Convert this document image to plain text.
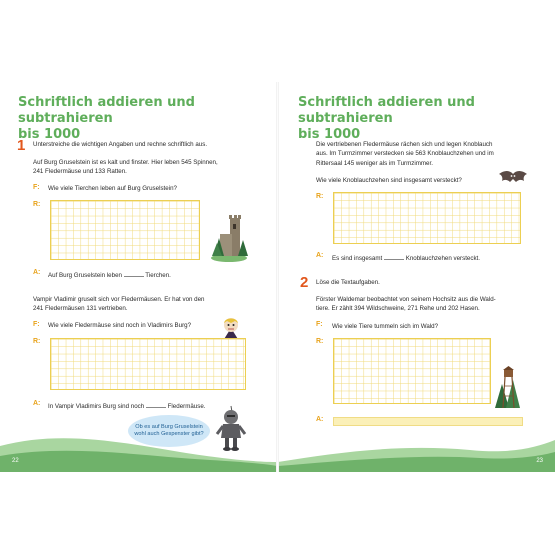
Schriftlich addieren und subtrahieren
bis 1000
1 Unterstreiche die wichtigen Angaben und rechne schriftlich aus.
Auf Burg Gruselstein ist es kalt und finster. Hier leben 545 Spinnen,
241 Fledermäuse und 133 Ratten.
F: Wie viele Tierchen leben auf Burg Gruselstein?
R:
A: Auf Burg Gruselstein leben	Tierchen.
Vampir Vladimir gruselt sich vor Fledermäusen. Er hat von den
241 Fledermäusen 131 vertrieben.
F: Wie viele Fledermäuse sind noch in Vladimirs Burg?
R:
A: In Vampir Vladimirs Burg sind noch	Fledermäuse.
Ob es auf Burg Gruselstein
wohl auch Gespenster gibt?
22
Schriftlich addieren und subtrahieren
bis 1000
Die vertriebenen Fledermäuse rächen sich und legen Knoblauch
aus. Im Turmzimmer verstecken sie 563 Knoblauchzehen und im
Rittersaal 145 weniger als im Turmzimmer.
Wie viele Knoblauchzehen sind insgesamt versteckt?
R:
A: Es sind insgesamt	Knoblauchzehen versteckt.
2 Löse die Textaufgaben.
Förster Waldemar beobachtet von seinem Hochsitz aus die Wald-
tiere. Er zählt 394 Wildschweine, 271 Rehe und 202 Hasen.
F: Wie viele Tiere tummeln sich im Wald?
R:
A:
23
